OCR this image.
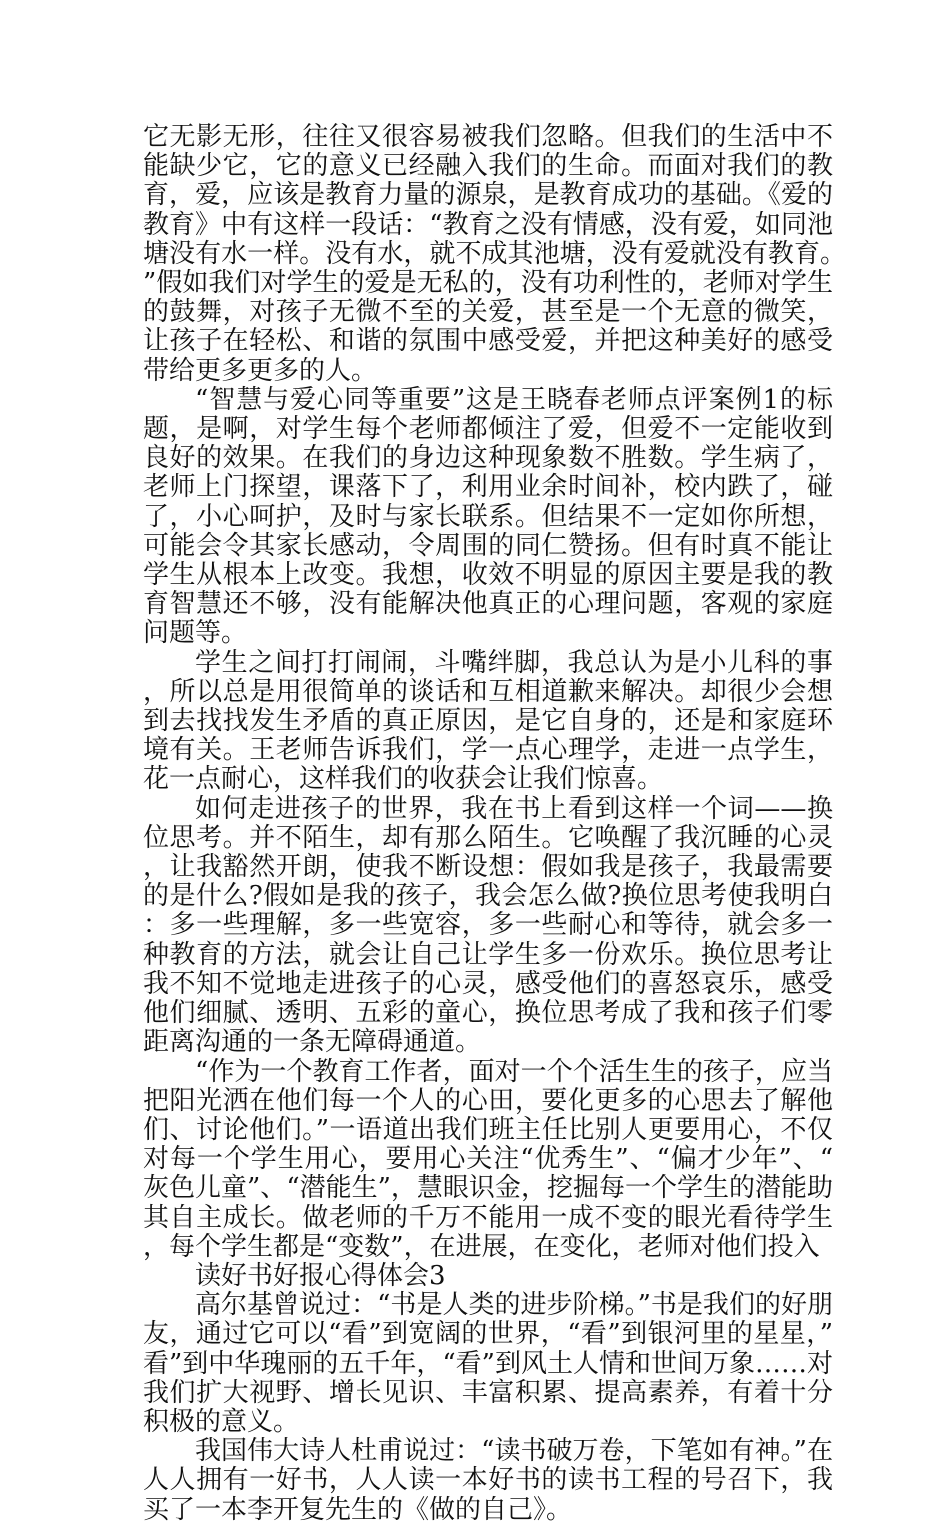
它无影无形，往往又很容易被我们忽略。但我们的生活中不能缺少它，它的意义已经融入我们的生命。而面对我们的教育，爱，应该是教育力量的源泉，是教育成功的基础。《爱的教育》中有这样一段话：“教育之没有情感，没有爱，如同池塘没有水一样。没有水，就不成其池塘，没有爱就没有教育。”假如我们对学生的爱是无私的，没有功利性的，老师对学生的鼓舞，对孩子无微不至的关爱，甚至是一个无意的微笑，让孩子在轻松、和谐的氛围中感受爱，并把这种美好的感受带给更多更多的人。

“智慧与爱心同等重要”这是王晓春老师点评案例1的标题，是啊，对学生每个老师都倾注了爱，但爱不一定能收到良好的效果。在我们的身边这种现象数不胜数。学生病了，老师上门探望，课落下了，利用业余时间补，校内跌了，碰了，小心呵护，及时与家长联系。但结果不一定如你所想，可能会令其家长感动，令周围的同仁赞扬。但有时真不能让学生从根本上改变。我想，收效不明显的原因主要是我的教育智慧还不够，没有能解决他真正的心理问题，客观的家庭问题等。

学生之间打打闹闹，斗嘴绊脚，我总认为是小儿科的事，所以总是用很简单的谈话和互相道歉来解决。却很少会想到去找找发生矛盾的真正原因，是它自身的，还是和家庭环境有关。王老师告诉我们，学一点心理学，走进一点学生，花一点耐心，这样我们的收获会让我们惊喜。

如何走进孩子的世界，我在书上看到这样一个词——换位思考。并不陌生，却有那么陌生。它唤醒了我沉睡的心灵，让我豁然开朗，使我不断设想：假如我是孩子，我最需要的是什么?假如是我的孩子，我会怎么做?换位思考使我明白：多一些理解，多一些宽容，多一些耐心和等待，就会多一种教育的方法，就会让自己让学生多一份欢乐。换位思考让我不知不觉地走进孩子的心灵，感受他们的喜怒哀乐，感受他们细腻、透明、五彩的童心，换位思考成了我和孩子们零距离沟通的一条无障碍通道。

“作为一个教育工作者，面对一个个活生生的孩子，应当把阳光洒在他们每一个人的心田，要化更多的心思去了解他们、讨论他们。”一语道出我们班主任比别人更要用心，不仅对每一个学生用心，要用心关注“优秀生”、“偏才少年”、“灰色儿童”、“潜能生”，慧眼识金，挖掘每一个学生的潜能助其自主成长。做老师的千万不能用一成不变的眼光看待学生，每个学生都是“变数”，在进展，在变化，老师对他们投入

读好书好报心得体会3

高尔基曾说过：“书是人类的进步阶梯。”书是我们的好朋友，通过它可以“看”到宽阔的世界，“看”到银河里的星星，”看”到中华瑰丽的五千年，“看”到风土人情和世间万象……对我们扩大视野、增长见识、丰富积累、提高素养，有着十分积极的意义。

我国伟大诗人杜甫说过：“读书破万卷，下笔如有神。”在人人拥有一好书，人人读一本好书的读书工程的号召下，我买了一本李开复先生的《做的自己》。
